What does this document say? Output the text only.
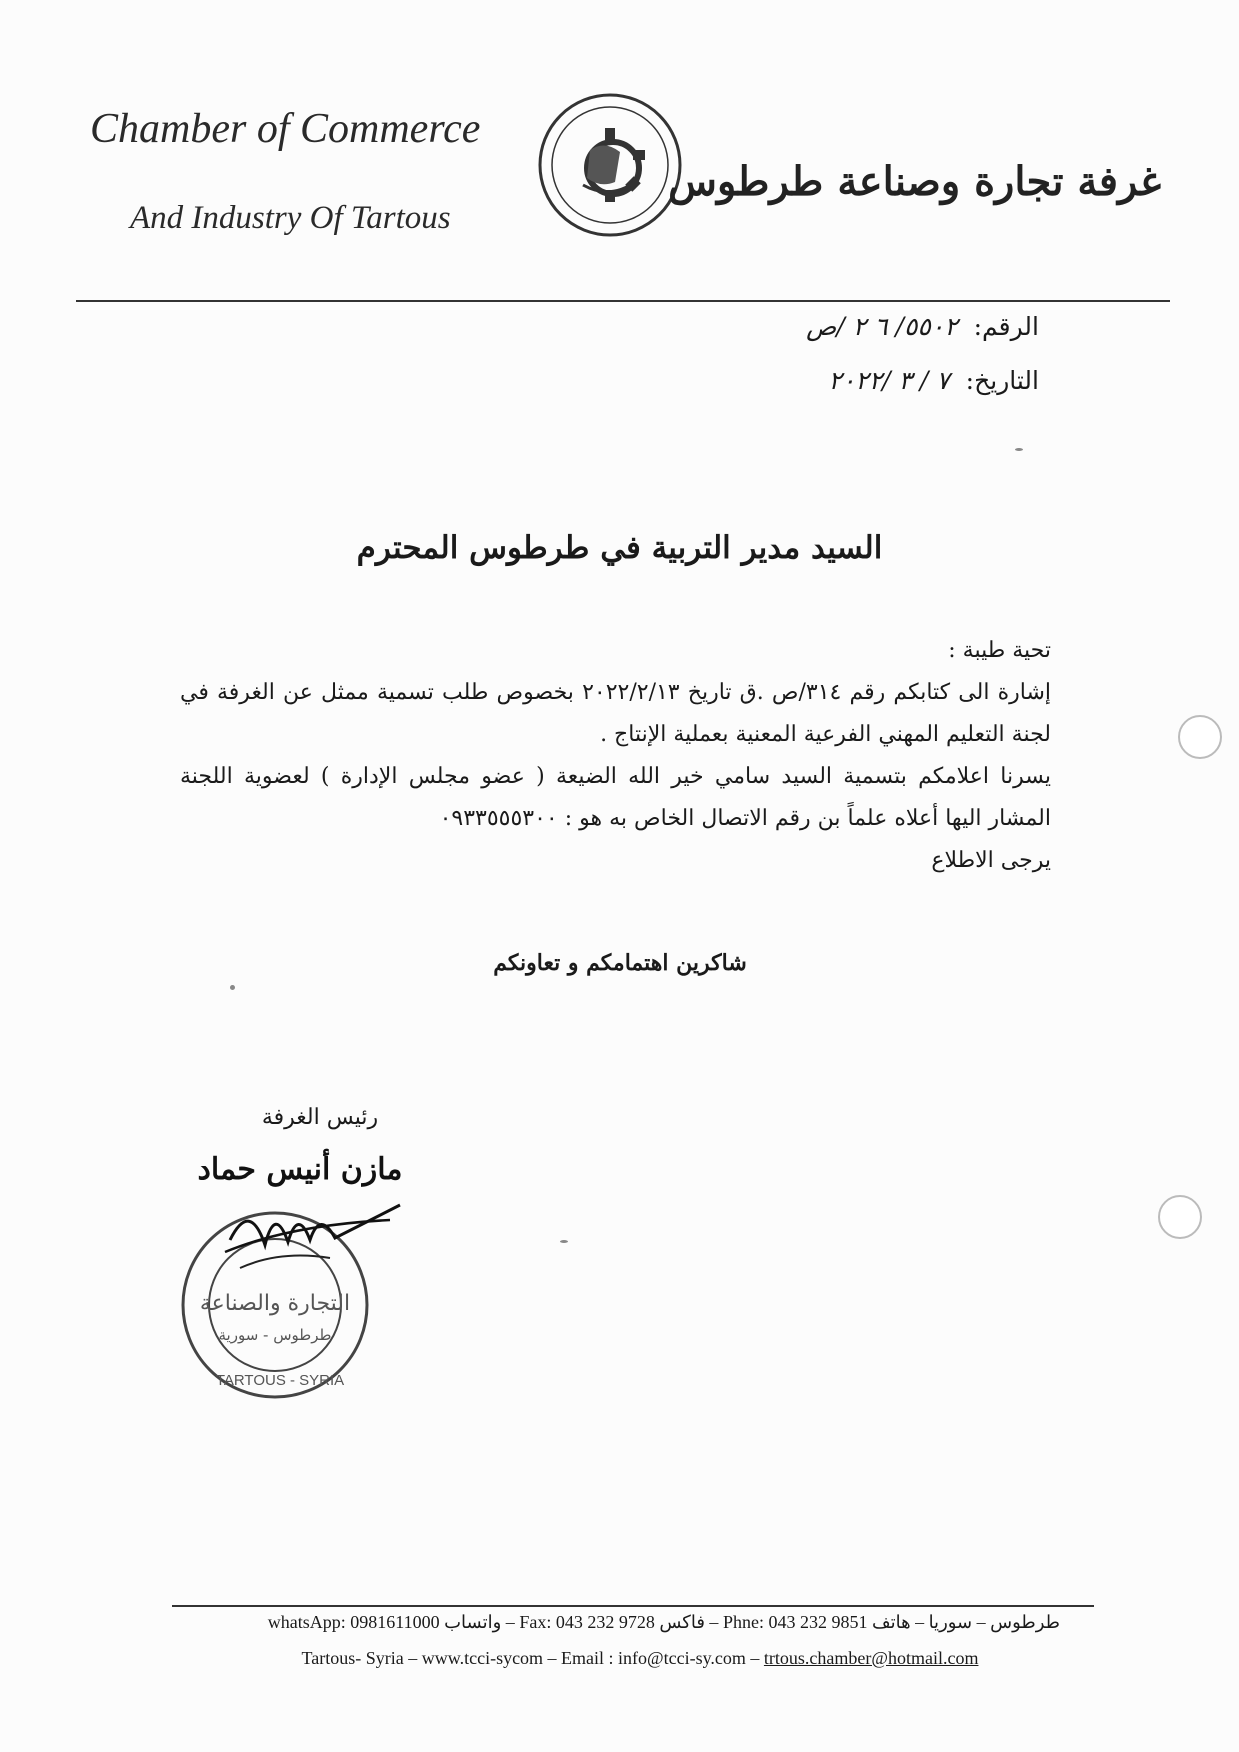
Chamber of Commerce
And Industry Of Tartous
غرفة تجارة وصناعة طرطوس
الرقم: ٥٥٠٢/ ٦ ٢ /ص
التاريخ: ٧ / ٣ /٢٠٢٢
السيد مدير التربية في طرطوس المحترم

تحية طيبة :

إشارة الى كتابكم رقم ٣١٤/ص .ق تاريخ ٢٠٢٢/٢/١٣ بخصوص طلب تسمية ممثل عن الغرفة في لجنة التعليم المهني الفرعية المعنية بعملية الإنتاج .

يسرنا اعلامكم بتسمية السيد سامي خير الله الضيعة ( عضو مجلس الإدارة ) لعضوية اللجنة المشار اليها أعلاه علماً بن رقم الاتصال الخاص به هو : ٠٩٣٣٥٥٥٣٠٠

يرجى الاطلاع

شاكرين اهتمامكم و تعاونكم
رئيس الغرفة
مازن أنيس حماد
التجارة والصناعة
طرطوس - سورية
TARTOUS - SYRIA
طرطوس – سوريا – هاتف Phne: 043 232 9851 – فاكس Fax: 043 232 9728 – واتساب whatsApp: 0981611000
Tartous- Syria – www.tcci-sycom – Email : info@tcci-sy.com – trtous.chamber@hotmail.com
